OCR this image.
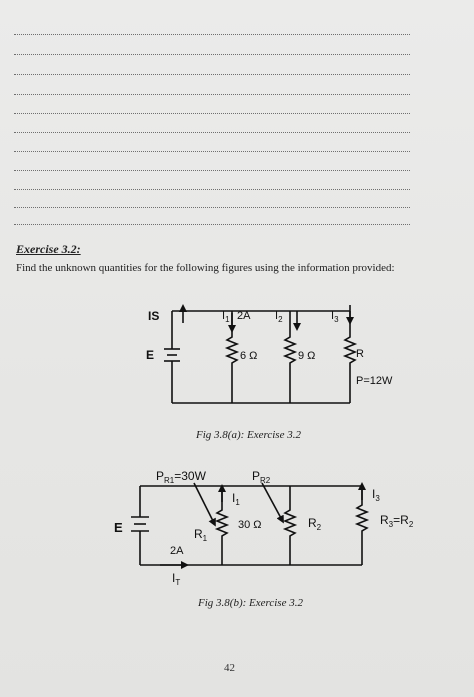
Exercise 3.2:
Find the unknown quantities for the following figures using the information provided:
IS
E
$I_1$ 2A $I_2$	$I_3$
6 Ω	9 Ω	R
P=12W
E
$P_{R1}=30W$	$P_{R2}$
$I_1$
$R_1$
30 Ω	$R_2$
$I_3$
$R_3=R_2$
2A
$I_T$
Fig 3.8(a): Exercise 3.2
Fig 3.8(b): Exercise 3.2
42
